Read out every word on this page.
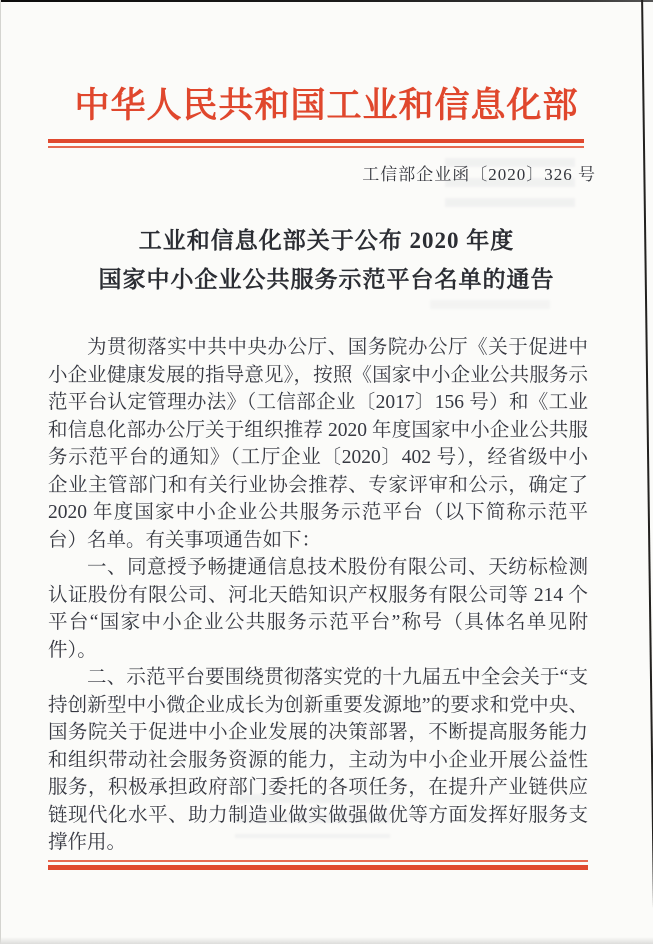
中华人民共和国工业和信息化部
工信部企业函〔2020〕326 号
工业和信息化部关于公布 2020 年度
国家中小企业公共服务示范平台名单的通告

为贯彻落实中共中央办公厅、国务院办公厅《关于促进中小企业健康发展的指导意见》，按照《国家中小企业公共服务示范平台认定管理办法》（工信部企业〔2017〕156 号）和《工业和信息化部办公厅关于组织推荐 2020 年度国家中小企业公共服务示范平台的通知》（工厅企业〔2020〕402 号），经省级中小企业主管部门和有关行业协会推荐、专家评审和公示，确定了 2020 年度国家中小企业公共服务示范平台（以下简称示范平台）名单。有关事项通告如下：

一、同意授予畅捷通信息技术股份有限公司、天纺标检测认证股份有限公司、河北天皓知识产权服务有限公司等 214 个平台“国家中小企业公共服务示范平台”称号（具体名单见附件）。

二、示范平台要围绕贯彻落实党的十九届五中全会关于“支持创新型中小微企业成长为创新重要发源地”的要求和党中央、国务院关于促进中小企业发展的决策部署，不断提高服务能力和组织带动社会服务资源的能力，主动为中小企业开展公益性服务，积极承担政府部门委托的各项任务，在提升产业链供应链现代化水平、助力制造业做实做强做优等方面发挥好服务支撑作用。
